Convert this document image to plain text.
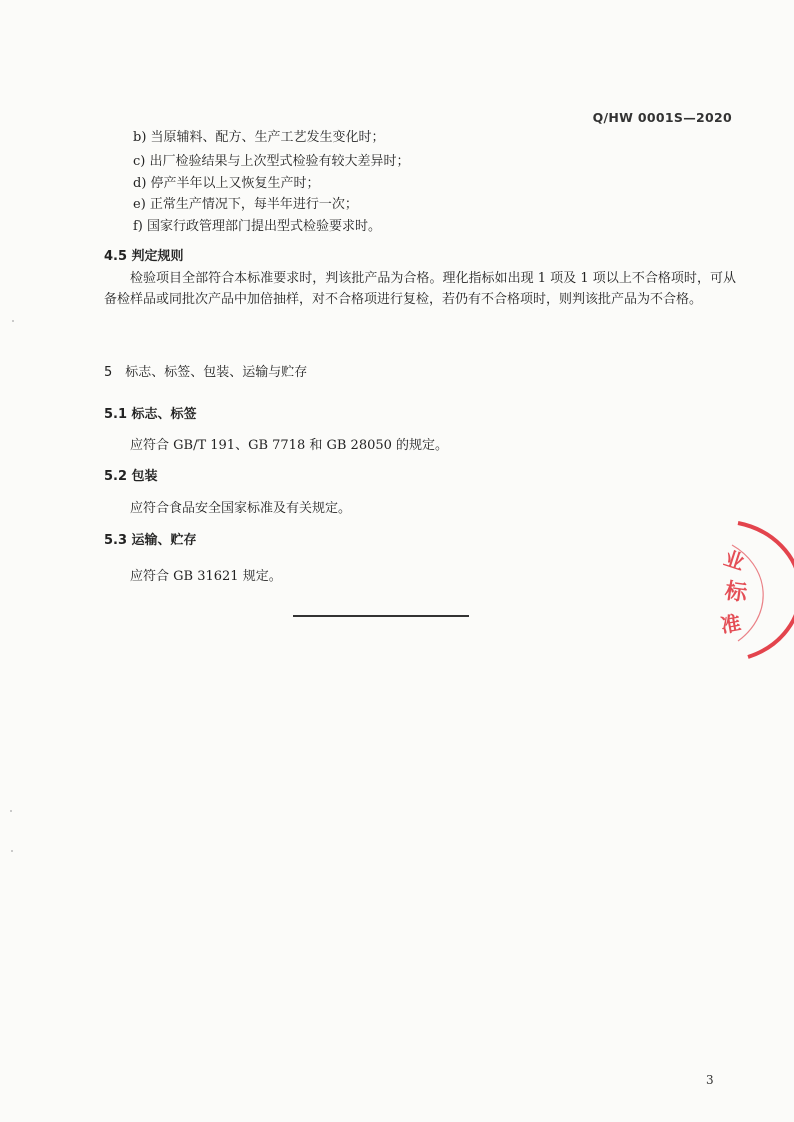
Q/HW 0001S—2020
b) 当原辅料、配方、生产工艺发生变化时；
c) 出厂检验结果与上次型式检验有较大差异时；
d) 停产半年以上又恢复生产时；
e) 正常生产情况下，每半年进行一次；
f) 国家行政管理部门提出型式检验要求时。
4.5 判定规则
检验项目全部符合本标准要求时，判该批产品为合格。理化指标如出现 1 项及 1 项以上不合格项时，可从备检样品或同批次产品中加倍抽样，对不合格项进行复检，若仍有不合格项时，则判该批产品为不合格。
5　标志、标签、包装、运输与贮存
5.1 标志、标签
应符合 GB/T 191、GB 7718 和 GB 28050 的规定。
5.2 包装
应符合食品安全国家标准及有关规定。
5.3 运输、贮存
应符合 GB 31621 规定。
业
标
准
3
